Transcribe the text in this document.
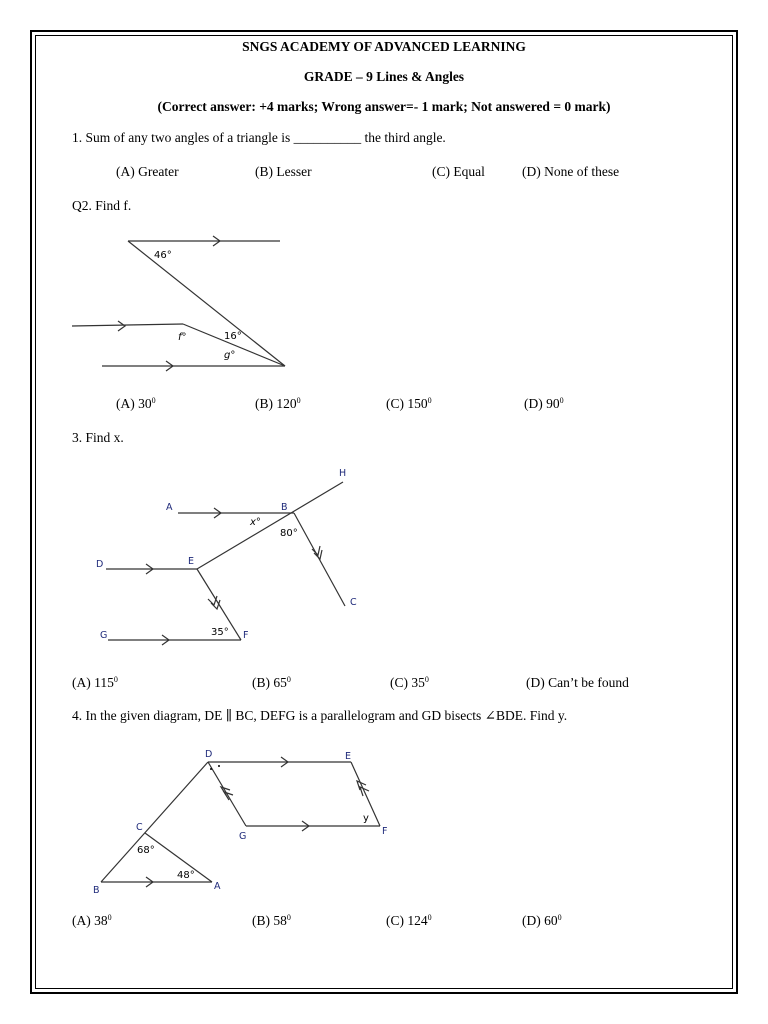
SNGS ACADEMY OF ADVANCED LEARNING
GRADE – 9 Lines & Angles
(Correct answer: +4 marks; Wrong answer=- 1 mark; Not answered = 0 mark)
1. Sum of any two angles of a triangle is __________ the third angle.
(A) Greater	(B) Lesser	(C) Equal	(D) None of these
Q2. Find f.
46°
f°	16°
g°
(A) $30^0$	(B) $120^0$	(C) $150^0$	(D) $90^0$
3. Find x.
H
A	B
x°
80°
D	E
C
G	35° F
(A) $115^0$	(B) $65^0$	(C) $35^0$	(D) Can’t be found
4. In the given diagram, DE ∥ BC, DEFG is a parallelogram and GD bisects ∠BDE. Find y.
D	E
y
C
G	F
68°
48°
B	A
(A) $38^0$	(B) $58^0$	(C) $124^0$	(D) $60^0$
